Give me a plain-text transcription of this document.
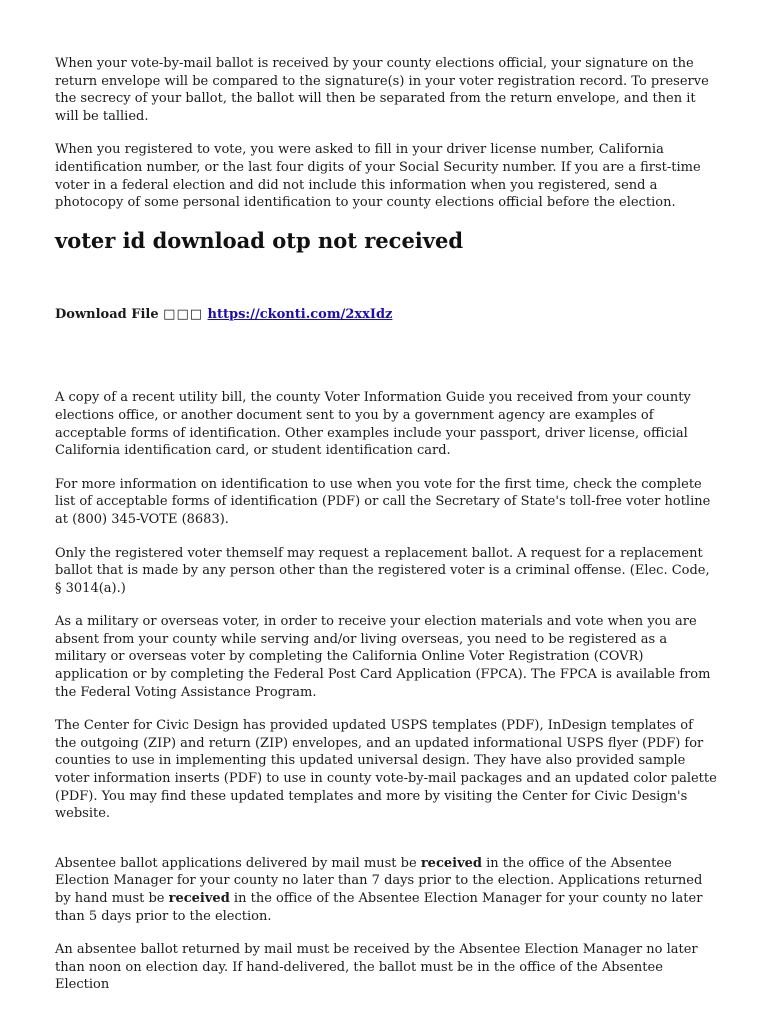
When your vote-by-mail ballot is received by your county elections official, your signature on the return envelope will be compared to the signature(s) in your voter registration record. To preserve the secrecy of your ballot, the ballot will then be separated from the return envelope, and then it will be tallied.

When you registered to vote, you were asked to fill in your driver license number, California identification number, or the last four digits of your Social Security number. If you are a first-time voter in a federal election and did not include this information when you registered, send a photocopy of some personal identification to your county elections official before the election.

voter id download otp not received

Download File □□□ https://ckonti.com/2xxIdz

A copy of a recent utility bill, the county Voter Information Guide you received from your county elections office, or another document sent to you by a government agency are examples of acceptable forms of identification. Other examples include your passport, driver license, official California identification card, or student identification card.

For more information on identification to use when you vote for the first time, check the complete list of acceptable forms of identification (PDF) or call the Secretary of State's toll-free voter hotline at (800) 345-VOTE (8683).

Only the registered voter themself may request a replacement ballot. A request for a replacement ballot that is made by any person other than the registered voter is a criminal offense. (Elec. Code, § 3014(a).)

As a military or overseas voter, in order to receive your election materials and vote when you are absent from your county while serving and/or living overseas, you need to be registered as a military or overseas voter by completing the California Online Voter Registration (COVR) application or by completing the Federal Post Card Application (FPCA). The FPCA is available from the Federal Voting Assistance Program.

The Center for Civic Design has provided updated USPS templates (PDF), InDesign templates of the outgoing (ZIP) and return (ZIP) envelopes, and an updated informational USPS flyer (PDF) for counties to use in implementing this updated universal design. They have also provided sample voter information inserts (PDF) to use in county vote-by-mail packages and an updated color palette (PDF). You may find these updated templates and more by visiting the Center for Civic Design's website.

Absentee ballot applications delivered by mail must be received in the office of the Absentee Election Manager for your county no later than 7 days prior to the election. Applications returned by hand must be received in the office of the Absentee Election Manager for your county no later than 5 days prior to the election.

An absentee ballot returned by mail must be received by the Absentee Election Manager no later than noon on election day. If hand-delivered, the ballot must be in the office of the Absentee Election
